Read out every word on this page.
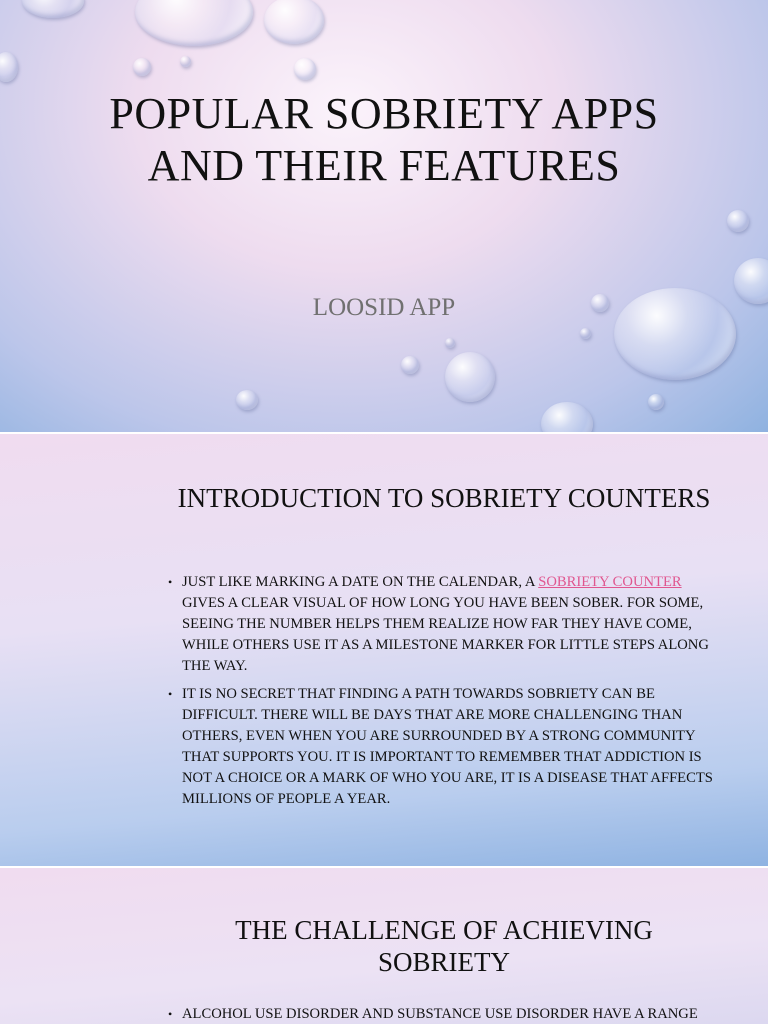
POPULAR SOBRIETY APPS AND THEIR FEATURES
LOOSID APP
INTRODUCTION TO SOBRIETY COUNTERS
• JUST LIKE MARKING A DATE ON THE CALENDAR, A SOBRIETY COUNTER GIVES A CLEAR VISUAL OF HOW LONG YOU HAVE BEEN SOBER. FOR SOME, SEEING THE NUMBER HELPS THEM REALIZE HOW FAR THEY HAVE COME, WHILE OTHERS USE IT AS A MILESTONE MARKER FOR LITTLE STEPS ALONG THE WAY.
• IT IS NO SECRET THAT FINDING A PATH TOWARDS SOBRIETY CAN BE DIFFICULT. THERE WILL BE DAYS THAT ARE MORE CHALLENGING THAN OTHERS, EVEN WHEN YOU ARE SURROUNDED BY A STRONG COMMUNITY THAT SUPPORTS YOU. IT IS IMPORTANT TO REMEMBER THAT ADDICTION IS NOT A CHOICE OR A MARK OF WHO YOU ARE, IT IS A DISEASE THAT AFFECTS MILLIONS OF PEOPLE A YEAR.
THE CHALLENGE OF ACHIEVING SOBRIETY
• ALCOHOL USE DISORDER AND SUBSTANCE USE DISORDER HAVE A RANGE
